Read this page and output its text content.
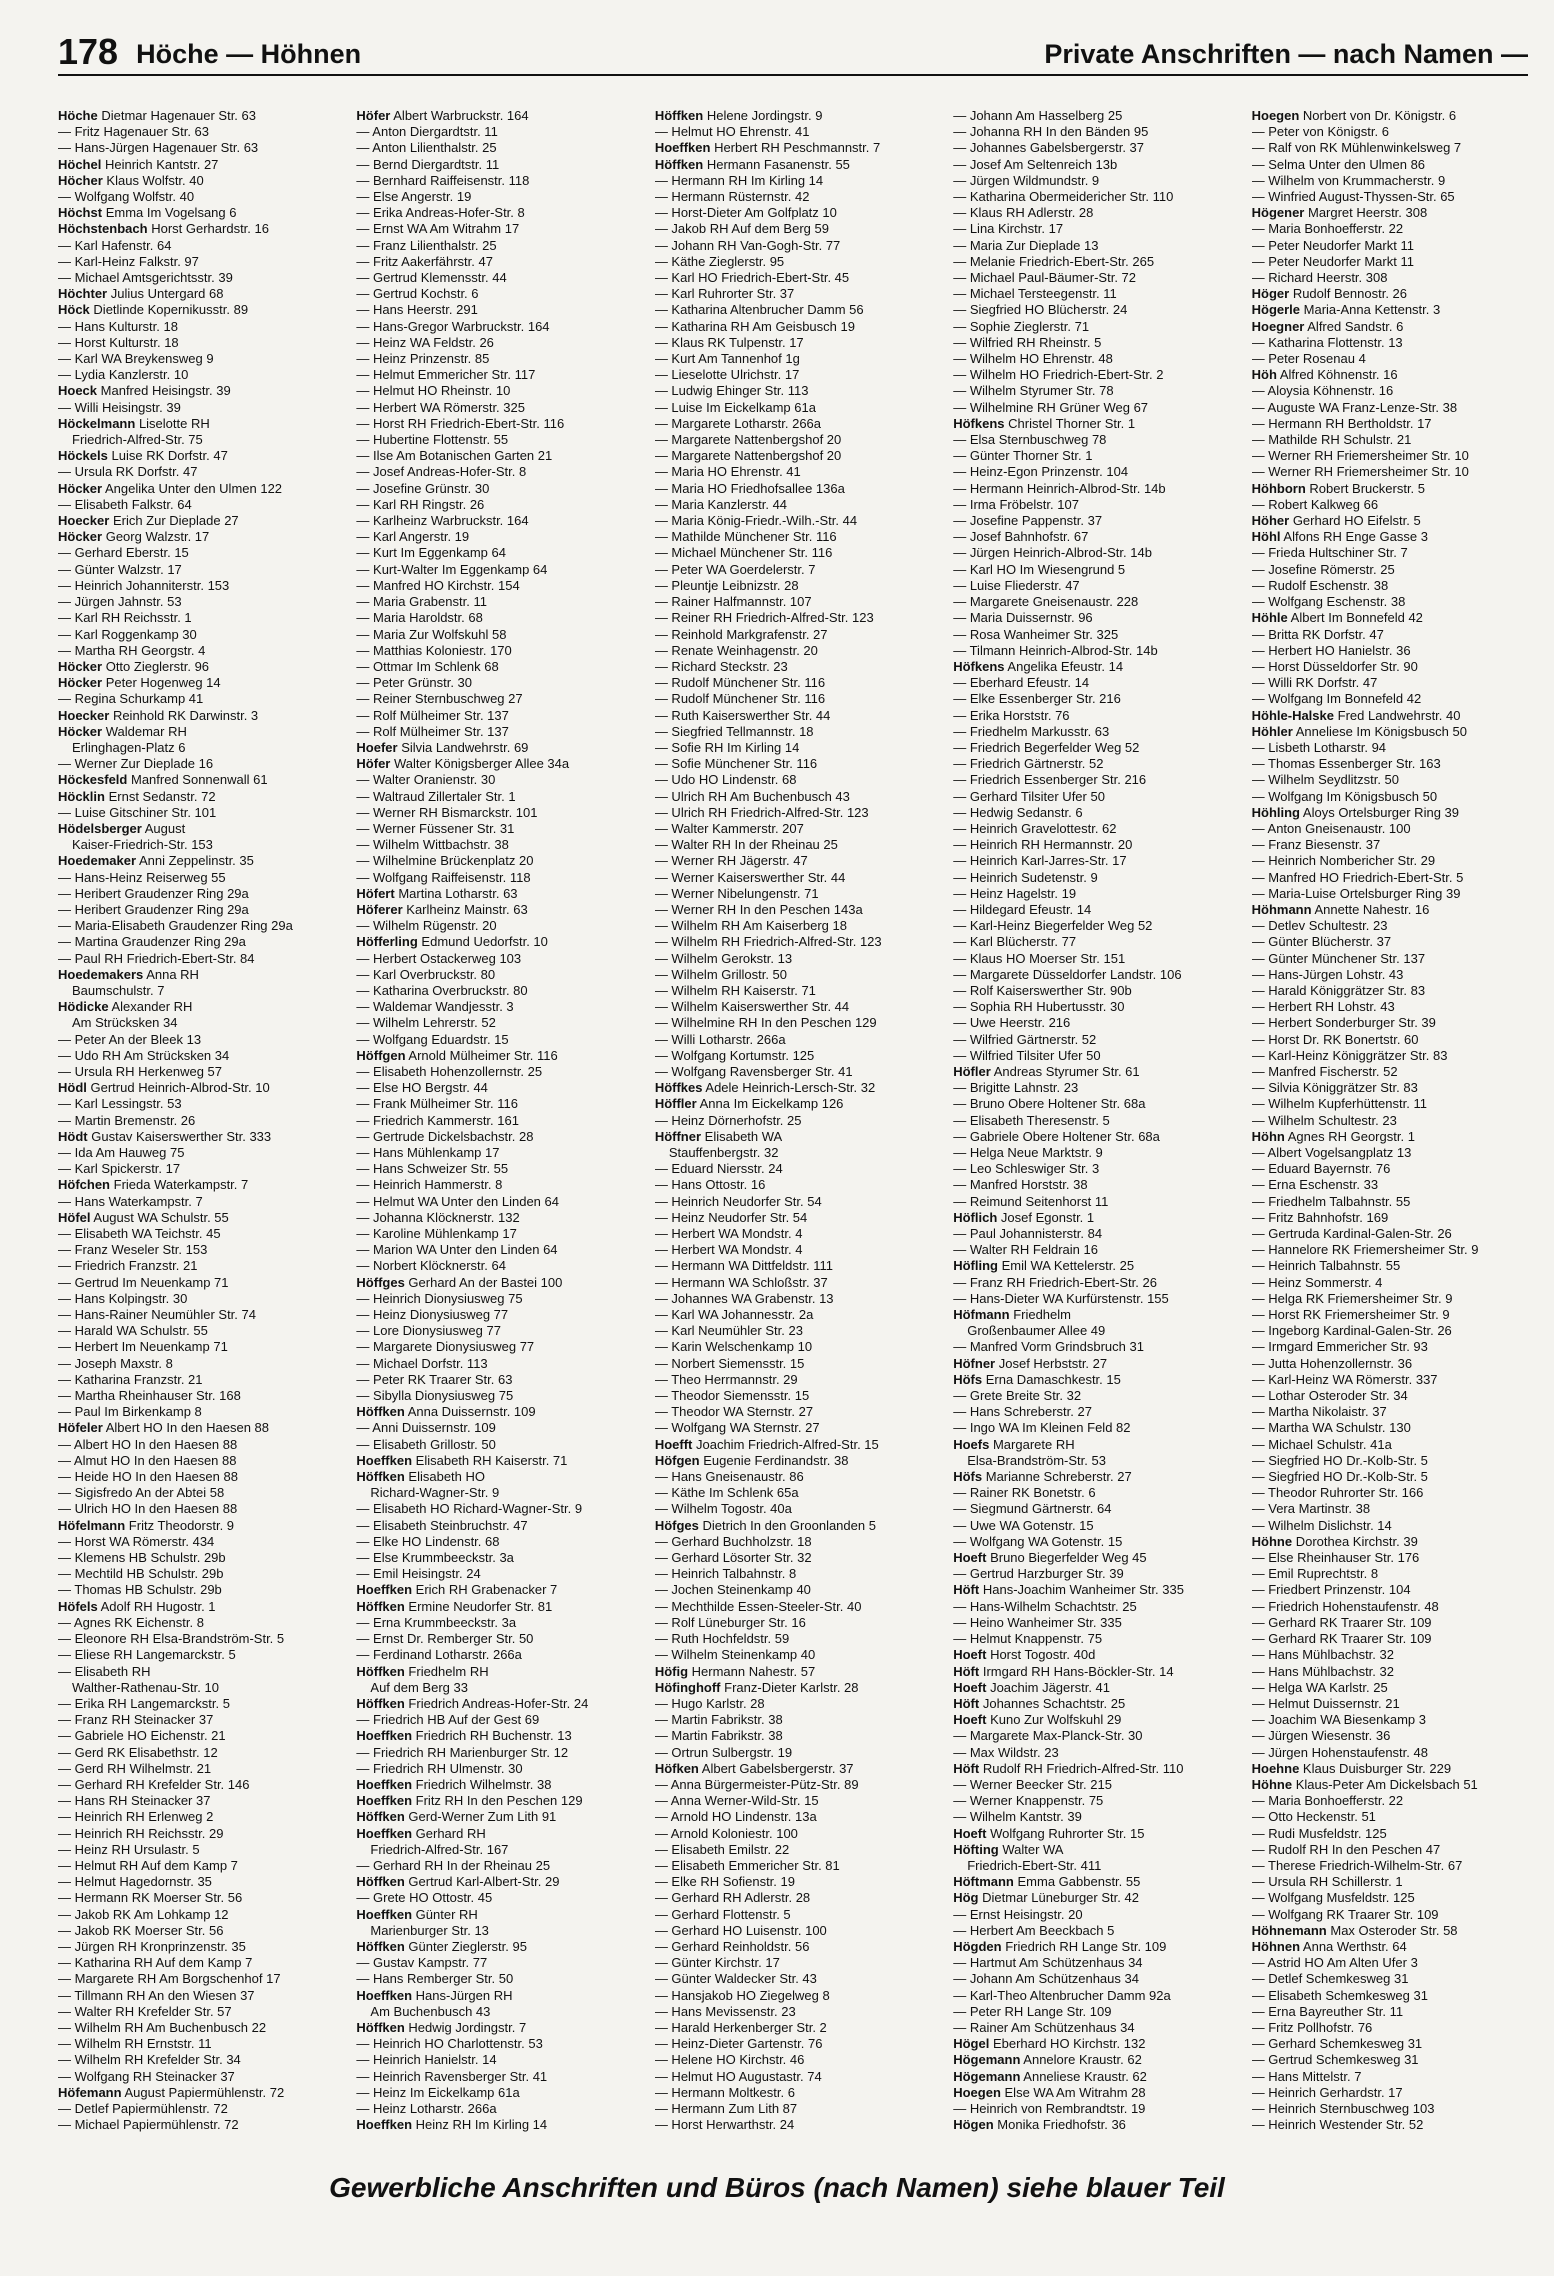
178 Höche — Höhnen	Private Anschriften — nach Namen —
Höche Dietmar Hagenauer Str. 63
— Fritz Hagenauer Str. 63
— Hans-Jürgen Hagenauer Str. 63
Höchel Heinrich Kantstr. 27
Höcher Klaus Wolfstr. 40
— Wolfgang Wolfstr. 40
Höchst Emma Im Vogelsang 6
Höchstenbach Horst Gerhardstr. 16
— Karl Hafenstr. 64
— Karl-Heinz Falkstr. 97
— Michael Amtsgerichtsstr. 39
Höchter Julius Untergard 68
Höck Dietlinde Kopernikusstr. 89
— Hans Kulturstr. 18
— Horst Kulturstr. 18
— Karl WA Breykensweg 9
— Lydia Kanzlerstr. 10
Hoeck Manfred Heisingstr. 39
— Willi Heisingstr. 39
Höckelmann Liselotte RH
Friedrich-Alfred-Str. 75
Höckels Luise RK Dorfstr. 47
— Ursula RK Dorfstr. 47
Höcker Angelika Unter den Ulmen 122
— Elisabeth Falkstr. 64
Hoecker Erich Zur Dieplade 27
Höcker Georg Walzstr. 17
— Gerhard Eberstr. 15
— Günter Walzstr. 17
— Heinrich Johanniterstr. 153
— Jürgen Jahnstr. 53
— Karl RH Reichsstr. 1
— Karl Roggenkamp 30
— Martha RH Georgstr. 4
Höcker Otto Zieglerstr. 96
Höcker Peter Hogenweg 14
— Regina Schurkamp 41
Hoecker Reinhold RK Darwinstr. 3
Höcker Waldemar RH
Erlinghagen-Platz 6
— Werner Zur Dieplade 16
Höckesfeld Manfred Sonnenwall 61
Höcklin Ernst Sedanstr. 72
— Luise Gitschiner Str. 101
Hödelsberger August
Kaiser-Friedrich-Str. 153
Hoedemaker Anni Zeppelinstr. 35
— Hans-Heinz Reiserweg 55
— Heribert Graudenzer Ring 29a
— Heribert Graudenzer Ring 29a
— Maria-Elisabeth Graudenzer Ring 29a
— Martina Graudenzer Ring 29a
— Paul RH Friedrich-Ebert-Str. 84
Hoedemakers Anna RH
Baumschulstr. 7
Hödicke Alexander RH
Am Strücksken 34
— Peter An der Bleek 13
— Udo RH Am Strücksken 34
— Ursula RH Herkenweg 57
Hödl Gertrud Heinrich-Albrod-Str. 10
— Karl Lessingstr. 53
— Martin Bremenstr. 26
Hödt Gustav Kaiserswerther Str. 333
— Ida Am Hauweg 75
— Karl Spickerstr. 17
Höfchen Frieda Waterkampstr. 7
— Hans Waterkampstr. 7
Höfel August WA Schulstr. 55
— Elisabeth WA Teichstr. 45
— Franz Weseler Str. 153
— Friedrich Franzstr. 21
— Gertrud Im Neuenkamp 71
— Hans Kolpingstr. 30
— Hans-Rainer Neumühler Str. 74
— Harald WA Schulstr. 55
— Herbert Im Neuenkamp 71
— Joseph Maxstr. 8
— Katharina Franzstr. 21
— Martha Rheinhauser Str. 168
— Paul Im Birkenkamp 8
Höfeler Albert HO In den Haesen 88
— Albert HO In den Haesen 88
— Almut HO In den Haesen 88
— Heide HO In den Haesen 88
— Sigisfredo An der Abtei 58
— Ulrich HO In den Haesen 88
Höfelmann Fritz Theodorstr. 9
— Horst WA Römerstr. 434
— Klemens HB Schulstr. 29b
— Mechtild HB Schulstr. 29b
— Thomas HB Schulstr. 29b
Höfels Adolf RH Hugostr. 1
— Agnes RK Eichenstr. 8
— Eleonore RH Elsa-Brandström-Str. 5
— Eliese RH Langemarckstr. 5
— Elisabeth RH
Walther-Rathenau-Str. 10
— Erika RH Langemarckstr. 5
— Franz RH Steinacker 37
— Gabriele HO Eichenstr. 21
— Gerd RK Elisabethstr. 12
— Gerd RH Wilhelmstr. 21
— Gerhard RH Krefelder Str. 146
— Hans RH Steinacker 37
— Heinrich RH Erlenweg 2
— Heinrich RH Reichsstr. 29
— Heinz RH Ursulastr. 5
— Helmut RH Auf dem Kamp 7
— Helmut Hagedornstr. 35
— Hermann RK Moerser Str. 56
— Jakob RK Am Lohkamp 12
— Jakob RK Moerser Str. 56
— Jürgen RH Kronprinzenstr. 35
— Katharina RH Auf dem Kamp 7
— Margarete RH Am Borgschenhof 17
— Tillmann RH An den Wiesen 37
— Walter RH Krefelder Str. 57
— Wilhelm RH Am Buchenbusch 22
— Wilhelm RH Ernststr. 11
— Wilhelm RH Krefelder Str. 34
— Wolfgang RH Steinacker 37
Höfemann August Papiermühlenstr. 72
— Detlef Papiermühlenstr. 72
— Michael Papiermühlenstr. 72
Höfer Albert Warbruckstr. 164
— Anton Diergardtstr. 11
— Anton Lilienthalstr. 25
— Bernd Diergardtstr. 11
— Bernhard Raiffeisenstr. 118
— Else Angerstr. 19
— Erika Andreas-Hofer-Str. 8
— Ernst WA Am Witrahm 17
— Franz Lilienthalstr. 25
— Fritz Aakerfährstr. 47
— Gertrud Klemensstr. 44
— Gertrud Kochstr. 6
— Hans Heerstr. 291
— Hans-Gregor Warbruckstr. 164
— Heinz WA Feldstr. 26
— Heinz Prinzenstr. 85
— Helmut Emmericher Str. 117
— Helmut HO Rheinstr. 10
— Herbert WA Römerstr. 325
— Horst RH Friedrich-Ebert-Str. 116
— Hubertine Flottenstr. 55
— Ilse Am Botanischen Garten 21
— Josef Andreas-Hofer-Str. 8
— Josefine Grünstr. 30
— Karl RH Ringstr. 26
— Karlheinz Warbruckstr. 164
— Karl Angerstr. 19
— Kurt Im Eggenkamp 64
— Kurt-Walter Im Eggenkamp 64
— Manfred HO Kirchstr. 154
— Maria Grabenstr. 11
— Maria Haroldstr. 68
— Maria Zur Wolfskuhl 58
— Matthias Koloniestr. 170
— Ottmar Im Schlenk 68
— Peter Grünstr. 30
— Reiner Sternbuschweg 27
— Rolf Mülheimer Str. 137
— Rolf Mülheimer Str. 137
Hoefer Silvia Landwehrstr. 69
Höfer Walter Königsberger Allee 34a
— Walter Oranienstr. 30
— Waltraud Zillertaler Str. 1
— Werner RH Bismarckstr. 101
— Werner Füssener Str. 31
— Wilhelm Wittbachstr. 38
— Wilhelmine Brückenplatz 20
— Wolfgang Raiffeisenstr. 118
Höfert Martina Lotharstr. 63
Höferer Karlheinz Mainstr. 63
— Wilhelm Rügenstr. 20
Höfferling Edmund Uedorfstr. 10
— Herbert Ostackerweg 103
— Karl Overbruckstr. 80
— Katharina Overbruckstr. 80
— Waldemar Wandjesstr. 3
— Wilhelm Lehrerstr. 52
— Wolfgang Eduardstr. 15
Höffgen Arnold Mülheimer Str. 116
— Elisabeth Hohenzollernstr. 25
— Else HO Bergstr. 44
— Frank Mülheimer Str. 116
— Friedrich Kammerstr. 161
— Gertrude Dickelsbachstr. 28
— Hans Mühlenkamp 17
— Hans Schweizer Str. 55
— Heinrich Hammerstr. 8
— Helmut WA Unter den Linden 64
— Johanna Klöcknerstr. 132
— Karoline Mühlenkamp 17
— Marion WA Unter den Linden 64
— Norbert Klöcknerstr. 64
Höffges Gerhard An der Bastei 100
— Heinrich Dionysiusweg 75
— Heinz Dionysiusweg 77
— Lore Dionysiusweg 77
— Margarete Dionysiusweg 77
— Michael Dorfstr. 113
— Peter RK Traarer Str. 63
— Sibylla Dionysiusweg 75
Höffken Anna Duissernstr. 109
— Anni Duissernstr. 109
— Elisabeth Grillostr. 50
Hoeffken Elisabeth RH Kaiserstr. 71
Höffken Elisabeth HO
Richard-Wagner-Str. 9
— Elisabeth HO Richard-Wagner-Str. 9
— Elisabeth Steinbruchstr. 47
— Elke HO Lindenstr. 68
— Else Krummbeeckstr. 3a
— Emil Heisingstr. 24
Hoeffken Erich RH Grabenacker 7
Höffken Ermine Neudorfer Str. 81
— Erna Krummbeeckstr. 3a
— Ernst Dr. Remberger Str. 50
— Ferdinand Lotharstr. 266a
Höffken Friedhelm RH
Auf dem Berg 33
Höffken Friedrich Andreas-Hofer-Str. 24
— Friedrich HB Auf der Gest 69
Hoeffken Friedrich RH Buchenstr. 13
— Friedrich RH Marienburger Str. 12
— Friedrich RH Ulmenstr. 30
Hoeffken Friedrich Wilhelmstr. 38
Hoeffken Fritz RH In den Peschen 129
Höffken Gerd-Werner Zum Lith 91
Hoeffken Gerhard RH
Friedrich-Alfred-Str. 167
— Gerhard RH In der Rheinau 25
Höffken Gertrud Karl-Albert-Str. 29
— Grete HO Ottostr. 45
Hoeffken Günter RH
Marienburger Str. 13
Höffken Günter Zieglerstr. 95
— Gustav Kampstr. 77
— Hans Remberger Str. 50
Hoeffken Hans-Jürgen RH
Am Buchenbusch 43
Höffken Hedwig Jordingstr. 7
— Heinrich HO Charlottenstr. 53
— Heinrich Hanielstr. 14
— Heinrich Ravensberger Str. 41
— Heinz Im Eickelkamp 61a
— Heinz Lotharstr. 266a
Hoeffken Heinz RH Im Kirling 14
Höffken Helene Jordingstr. 9
— Helmut HO Ehrenstr. 41
Hoeffken Herbert RH Peschmannstr. 7
Höffken Hermann Fasanenstr. 55
— Hermann RH Im Kirling 14
— Hermann Rüsternstr. 42
— Horst-Dieter Am Golfplatz 10
— Jakob RH Auf dem Berg 59
— Johann RH Van-Gogh-Str. 77
— Käthe Zieglerstr. 95
— Karl HO Friedrich-Ebert-Str. 45
— Karl Ruhrorter Str. 37
— Katharina Altenbrucher Damm 56
— Katharina RH Am Geisbusch 19
— Klaus RK Tulpenstr. 17
— Kurt Am Tannenhof 1g
— Lieselotte Ulrichstr. 17
— Ludwig Ehinger Str. 113
— Luise Im Eickelkamp 61a
— Margarete Lotharstr. 266a
— Margarete Nattenbergshof 20
— Margarete Nattenbergshof 20
— Maria HO Ehrenstr. 41
— Maria HO Friedhofsallee 136a
— Maria Kanzlerstr. 44
— Maria König-Friedr.-Wilh.-Str. 44
— Mathilde Münchener Str. 116
— Michael Münchener Str. 116
— Peter WA Goerdelerstr. 7
— Pleuntje Leibnizstr. 28
— Rainer Halfmannstr. 107
— Reiner RH Friedrich-Alfred-Str. 123
— Reinhold Markgrafenstr. 27
— Renate Weinhagenstr. 20
— Richard Steckstr. 23
— Rudolf Münchener Str. 116
— Rudolf Münchener Str. 116
— Ruth Kaiserswerther Str. 44
— Siegfried Tellmannstr. 18
— Sofie RH Im Kirling 14
— Sofie Münchener Str. 116
— Udo HO Lindenstr. 68
— Ulrich RH Am Buchenbusch 43
— Ulrich RH Friedrich-Alfred-Str. 123
— Walter Kammerstr. 207
— Walter RH In der Rheinau 25
— Werner RH Jägerstr. 47
— Werner Kaiserswerther Str. 44
— Werner Nibelungenstr. 71
— Werner RH In den Peschen 143a
— Wilhelm RH Am Kaiserberg 18
— Wilhelm RH Friedrich-Alfred-Str. 123
— Wilhelm Gerokstr. 13
— Wilhelm Grillostr. 50
— Wilhelm RH Kaiserstr. 71
— Wilhelm Kaiserswerther Str. 44
— Wilhelmine RH In den Peschen 129
— Willi Lotharstr. 266a
— Wolfgang Kortumstr. 125
— Wolfgang Ravensberger Str. 41
Höffkes Adele Heinrich-Lersch-Str. 32
Höffler Anna Im Eickelkamp 126
— Heinz Dörnerhofstr. 25
Höffner Elisabeth WA
Stauffenbergstr. 32
— Eduard Niersstr. 24
— Hans Ottostr. 16
— Heinrich Neudorfer Str. 54
— Heinz Neudorfer Str. 54
— Herbert WA Mondstr. 4
— Herbert WA Mondstr. 4
— Hermann WA Dittfeldstr. 111
— Hermann WA Schloßstr. 37
— Johannes WA Grabenstr. 13
— Karl WA Johannesstr. 2a
— Karl Neumühler Str. 23
— Karin Welschenkamp 10
— Norbert Siemensstr. 15
— Theo Herrmannstr. 29
— Theodor Siemensstr. 15
— Theodor WA Sternstr. 27
— Wolfgang WA Sternstr. 27
Hoefft Joachim Friedrich-Alfred-Str. 15
Höfgen Eugenie Ferdinandstr. 38
— Hans Gneisenaustr. 86
— Käthe Im Schlenk 65a
— Wilhelm Togostr. 40a
Höfges Dietrich In den Groonlanden 5
— Gerhard Buchholzstr. 18
— Gerhard Lösorter Str. 32
— Heinrich Talbahnstr. 8
— Jochen Steinenkamp 40
— Mechthilde Essen-Steeler-Str. 40
— Rolf Lüneburger Str. 16
— Ruth Hochfeldstr. 59
— Wilhelm Steinenkamp 40
Höfig Hermann Nahestr. 57
Höfinghoff Franz-Dieter Karlstr. 28
— Hugo Karlstr. 28
— Martin Fabrikstr. 38
— Martin Fabrikstr. 38
— Ortrun Sulbergstr. 19
Höfken Albert Gabelsbergerstr. 37
— Anna Bürgermeister-Pütz-Str. 89
— Anna Werner-Wild-Str. 15
— Arnold HO Lindenstr. 13a
— Arnold Koloniestr. 100
— Elisabeth Emilstr. 22
— Elisabeth Emmericher Str. 81
— Elke RH Sofienstr. 19
— Gerhard RH Adlerstr. 28
— Gerhard Flottenstr. 5
— Gerhard HO Luisenstr. 100
— Gerhard Reinholdstr. 56
— Günter Kirchstr. 17
— Günter Waldecker Str. 43
— Hansjakob HO Ziegelweg 8
— Hans Mevissenstr. 23
— Harald Herkenberger Str. 2
— Heinz-Dieter Gartenstr. 76
— Helene HO Kirchstr. 46
— Helmut HO Augustastr. 74
— Hermann Moltkestr. 6
— Hermann Zum Lith 87
— Horst Herwarthstr. 24
— Johann Am Hasselberg 25
— Johanna RH In den Bänden 95
— Johannes Gabelsbergerstr. 37
— Josef Am Seltenreich 13b
— Jürgen Wildmundstr. 9
— Katharina Obermeidericher Str. 110
— Klaus RH Adlerstr. 28
— Lina Kirchstr. 17
— Maria Zur Dieplade 13
— Melanie Friedrich-Ebert-Str. 265
— Michael Paul-Bäumer-Str. 72
— Michael Tersteegenstr. 11
— Siegfried HO Blücherstr. 24
— Sophie Zieglerstr. 71
— Wilfried RH Rheinstr. 5
— Wilhelm HO Ehrenstr. 48
— Wilhelm HO Friedrich-Ebert-Str. 2
— Wilhelm Styrumer Str. 78
— Wilhelmine RH Grüner Weg 67
Höfkens Christel Thorner Str. 1
— Elsa Sternbuschweg 78
— Günter Thorner Str. 1
— Heinz-Egon Prinzenstr. 104
— Hermann Heinrich-Albrod-Str. 14b
— Irma Fröbelstr. 107
— Josefine Pappenstr. 37
— Josef Bahnhofstr. 67
— Jürgen Heinrich-Albrod-Str. 14b
— Karl HO Im Wiesengrund 5
— Luise Fliederstr. 47
— Margarete Gneisenaustr. 228
— Maria Duissernstr. 96
— Rosa Wanheimer Str. 325
— Tilmann Heinrich-Albrod-Str. 14b
Höfkens Angelika Efeustr. 14
— Eberhard Efeustr. 14
— Elke Essenberger Str. 216
— Erika Horststr. 76
— Friedhelm Markusstr. 63
— Friedrich Begerfelder Weg 52
— Friedrich Gärtnerstr. 52
— Friedrich Essenberger Str. 216
— Gerhard Tilsiter Ufer 50
— Hedwig Sedanstr. 6
— Heinrich Gravelottestr. 62
— Heinrich RH Hermannstr. 20
— Heinrich Karl-Jarres-Str. 17
— Heinrich Sudetenstr. 9
— Heinz Hagelstr. 19
— Hildegard Efeustr. 14
— Karl-Heinz Biegerfelder Weg 52
— Karl Blücherstr. 77
— Klaus HO Moerser Str. 151
— Margarete Düsseldorfer Landstr. 106
— Rolf Kaiserswerther Str. 90b
— Sophia RH Hubertusstr. 30
— Uwe Heerstr. 216
— Wilfried Gärtnerstr. 52
— Wilfried Tilsiter Ufer 50
Höfler Andreas Styrumer Str. 61
— Brigitte Lahnstr. 23
— Bruno Obere Holtener Str. 68a
— Elisabeth Theresenstr. 5
— Gabriele Obere Holtener Str. 68a
— Helga Neue Marktstr. 9
— Leo Schleswiger Str. 3
— Manfred Horststr. 38
— Reimund Seitenhorst 11
Höflich Josef Egonstr. 1
— Paul Johannisterstr. 84
— Walter RH Feldrain 16
Höfling Emil WA Kettelerstr. 25
— Franz RH Friedrich-Ebert-Str. 26
— Hans-Dieter WA Kurfürstenstr. 155
Höfmann Friedhelm
Großenbaumer Allee 49
— Manfred Vorm Grindsbruch 31
Höfner Josef Herbststr. 27
Höfs Erna Damaschkestr. 15
— Grete Breite Str. 32
— Hans Schreberstr. 27
— Ingo WA Im Kleinen Feld 82
Hoefs Margarete RH
Elsa-Brandström-Str. 53
Höfs Marianne Schreberstr. 27
— Rainer RK Bonetstr. 6
— Siegmund Gärtnerstr. 64
— Uwe WA Gotenstr. 15
— Wolfgang WA Gotenstr. 15
Hoeft Bruno Biegerfelder Weg 45
— Gertrud Harzburger Str. 39
Höft Hans-Joachim Wanheimer Str. 335
— Hans-Wilhelm Schachtstr. 25
— Heino Wanheimer Str. 335
— Helmut Knappenstr. 75
Hoeft Horst Togostr. 40d
Höft Irmgard RH Hans-Böckler-Str. 14
Hoeft Joachim Jägerstr. 41
Höft Johannes Schachtstr. 25
Hoeft Kuno Zur Wolfskuhl 29
— Margarete Max-Planck-Str. 30
— Max Wildstr. 23
Höft Rudolf RH Friedrich-Alfred-Str. 110
— Werner Beecker Str. 215
— Werner Knappenstr. 75
— Wilhelm Kantstr. 39
Hoeft Wolfgang Ruhrorter Str. 15
Höfting Walter WA
Friedrich-Ebert-Str. 411
Höftmann Emma Gabbenstr. 55
Hög Dietmar Lüneburger Str. 42
— Ernst Heisingstr. 20
— Herbert Am Beeckbach 5
Högden Friedrich RH Lange Str. 109
— Hartmut Am Schützenhaus 34
— Johann Am Schützenhaus 34
— Karl-Theo Altenbrucher Damm 92a
— Peter RH Lange Str. 109
— Rainer Am Schützenhaus 34
Högel Eberhard HO Kirchstr. 132
Högemann Annelore Kraustr. 62
Högemann Anneliese Kraustr. 62
Hoegen Else WA Am Witrahm 28
— Heinrich von Rembrandtstr. 19
Högen Monika Friedhofstr. 36
Hoegen Norbert von Dr. Königstr. 6
— Peter von Königstr. 6
— Ralf von RK Mühlenwinkelsweg 7
— Selma Unter den Ulmen 86
— Wilhelm von Krummacherstr. 9
— Winfried August-Thyssen-Str. 65
Högener Margret Heerstr. 308
— Maria Bonhoefferstr. 22
— Peter Neudorfer Markt 11
— Peter Neudorfer Markt 11
— Richard Heerstr. 308
Höger Rudolf Bennostr. 26
Högerle Maria-Anna Kettenstr. 3
Hoegner Alfred Sandstr. 6
— Katharina Flottenstr. 13
— Peter Rosenau 4
Höh Alfred Köhnenstr. 16
— Aloysia Köhnenstr. 16
— Auguste WA Franz-Lenze-Str. 38
— Hermann RH Bertholdstr. 17
— Mathilde RH Schulstr. 21
— Werner RH Friemersheimer Str. 10
— Werner RH Friemersheimer Str. 10
Höhborn Robert Bruckerstr. 5
— Robert Kalkweg 66
Höher Gerhard HO Eifelstr. 5
Höhl Alfons RH Enge Gasse 3
— Frieda Hultschiner Str. 7
— Josefine Römerstr. 25
— Rudolf Eschenstr. 38
— Wolfgang Eschenstr. 38
Höhle Albert Im Bonnefeld 42
— Britta RK Dorfstr. 47
— Herbert HO Hanielstr. 36
— Horst Düsseldorfer Str. 90
— Willi RK Dorfstr. 47
— Wolfgang Im Bonnefeld 42
Höhle-Halske Fred Landwehrstr. 40
Höhler Anneliese Im Königsbusch 50
— Lisbeth Lotharstr. 94
— Thomas Essenberger Str. 163
— Wilhelm Seydlitzstr. 50
— Wolfgang Im Königsbusch 50
Höhling Aloys Ortelsburger Ring 39
— Anton Gneisenaustr. 100
— Franz Biesenstr. 37
— Heinrich Nombericher Str. 29
— Manfred HO Friedrich-Ebert-Str. 5
— Maria-Luise Ortelsburger Ring 39
Höhmann Annette Nahestr. 16
— Detlev Schultestr. 23
— Günter Blücherstr. 37
— Günter Münchener Str. 137
— Hans-Jürgen Lohstr. 43
— Harald Königgrätzer Str. 83
— Herbert RH Lohstr. 43
— Herbert Sonderburger Str. 39
— Horst Dr. RK Bonertstr. 60
— Karl-Heinz Königgrätzer Str. 83
— Manfred Fischerstr. 52
— Silvia Königgrätzer Str. 83
— Wilhelm Kupferhüttenstr. 11
— Wilhelm Schultestr. 23
Höhn Agnes RH Georgstr. 1
— Albert Vogelsangplatz 13
— Eduard Bayernstr. 76
— Erna Eschenstr. 33
— Friedhelm Talbahnstr. 55
— Fritz Bahnhofstr. 169
— Gertruda Kardinal-Galen-Str. 26
— Hannelore RK Friemersheimer Str. 9
— Heinrich Talbahnstr. 55
— Heinz Sommerstr. 4
— Helga RK Friemersheimer Str. 9
— Horst RK Friemersheimer Str. 9
— Ingeborg Kardinal-Galen-Str. 26
— Irmgard Emmericher Str. 93
— Jutta Hohenzollernstr. 36
— Karl-Heinz WA Römerstr. 337
— Lothar Osteroder Str. 34
— Martha Nikolaistr. 37
— Martha WA Schulstr. 130
— Michael Schulstr. 41a
— Siegfried HO Dr.-Kolb-Str. 5
— Siegfried HO Dr.-Kolb-Str. 5
— Theodor Ruhrorter Str. 166
— Vera Martinstr. 38
— Wilhelm Dislichstr. 14
Höhne Dorothea Kirchstr. 39
— Else Rheinhauser Str. 176
— Emil Ruprechtstr. 8
— Friedbert Prinzenstr. 104
— Friedrich Hohenstaufenstr. 48
— Gerhard RK Traarer Str. 109
— Gerhard RK Traarer Str. 109
— Hans Mühlbachstr. 32
— Hans Mühlbachstr. 32
— Helga WA Karlstr. 25
— Helmut Duissernstr. 21
— Joachim WA Biesenkamp 3
— Jürgen Wiesenstr. 36
— Jürgen Hohenstaufenstr. 48
Hoehne Klaus Duisburger Str. 229
Höhne Klaus-Peter Am Dickelsbach 51
— Maria Bonhoefferstr. 22
— Otto Heckenstr. 51
— Rudi Musfeldstr. 125
— Rudolf RH In den Peschen 47
— Therese Friedrich-Wilhelm-Str. 67
— Ursula RH Schillerstr. 1
— Wolfgang Musfeldstr. 125
— Wolfgang RK Traarer Str. 109
Höhnemann Max Osteroder Str. 58
Höhnen Anna Werthstr. 64
— Astrid HO Am Alten Ufer 3
— Detlef Schemkesweg 31
— Elisabeth Schemkesweg 31
— Erna Bayreuther Str. 11
— Fritz Pollhofstr. 76
— Gerhard Schemkesweg 31
— Gertrud Schemkesweg 31
— Hans Mittelstr. 7
— Heinrich Gerhardstr. 17
— Heinrich Sternbuschweg 103
— Heinrich Westender Str. 52
Gewerbliche Anschriften und Büros (nach Namen) siehe blauer Teil
